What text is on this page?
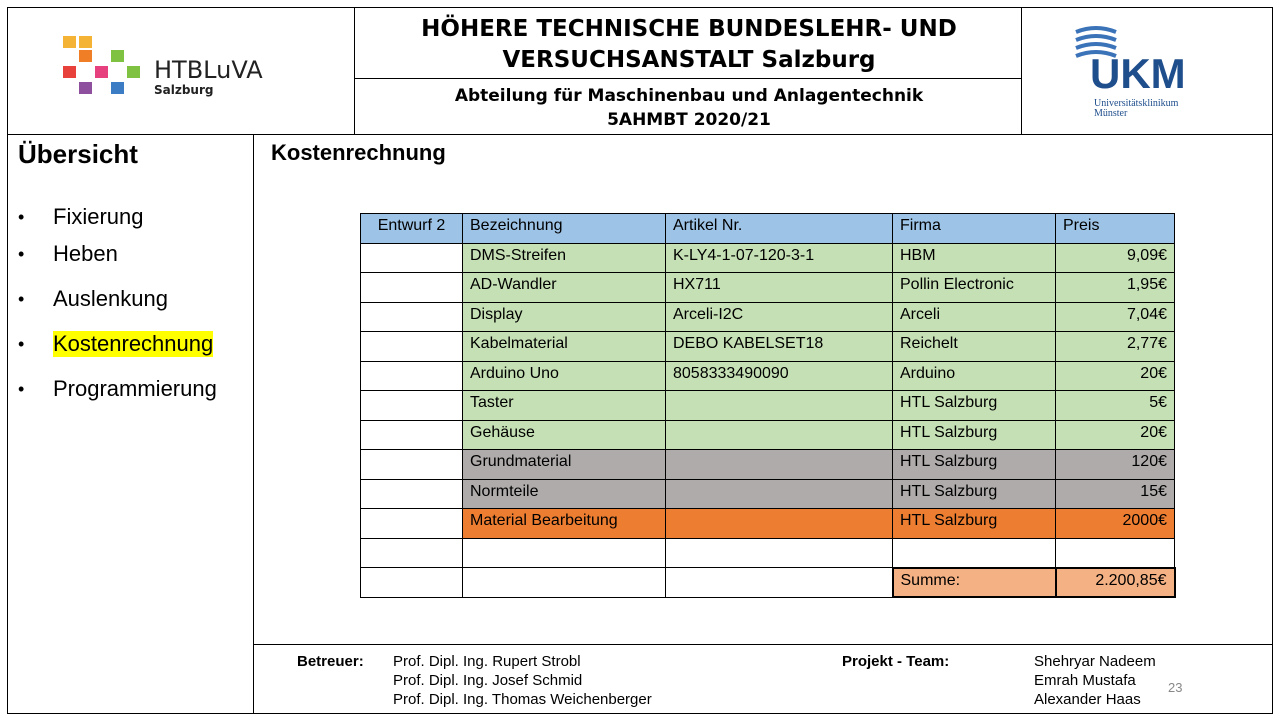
HTBLuVA
Salzburg
HÖHERE TECHNISCHE BUNDESLEHR- UND
VERSUCHSANSTALT Salzburg
Abteilung für Maschinenbau und Anlagentechnik
5AHMBT 2020/21
UKM
Universitätsklinikum
Münster
Übersicht
•	Fixierung
•	Heben
•	Auslenkung
•	Kostenrechnung
•	Programmierung
Kostenrechnung
Entwurf 2	Bezeichnung	Artikel Nr.	Firma	Preis
	DMS-Streifen	K-LY4-1-07-120-3-1	HBM	9,09€
	AD-Wandler	HX711	Pollin Electronic	1,95€
	Display	Arceli-I2C	Arceli	7,04€
	Kabelmaterial	DEBO KABELSET18	Reichelt	2,77€
	Arduino Uno	8058333490090	Arduino	20€
	Taster		HTL Salzburg	5€
	Gehäuse		HTL Salzburg	20€
	Grundmaterial		HTL Salzburg	120€
	Normteile		HTL Salzburg	15€
	Material Bearbeitung		HTL Salzburg	2000€

			Summe:	2.200,85€
Betreuer: Prof. Dipl. Ing. Rupert Strobl
Prof. Dipl. Ing. Josef Schmid
Prof. Dipl. Ing. Thomas Weichenberger
Projekt - Team:	Shehryar Nadeem
Emrah Mustafa
Alexander Haas
23
